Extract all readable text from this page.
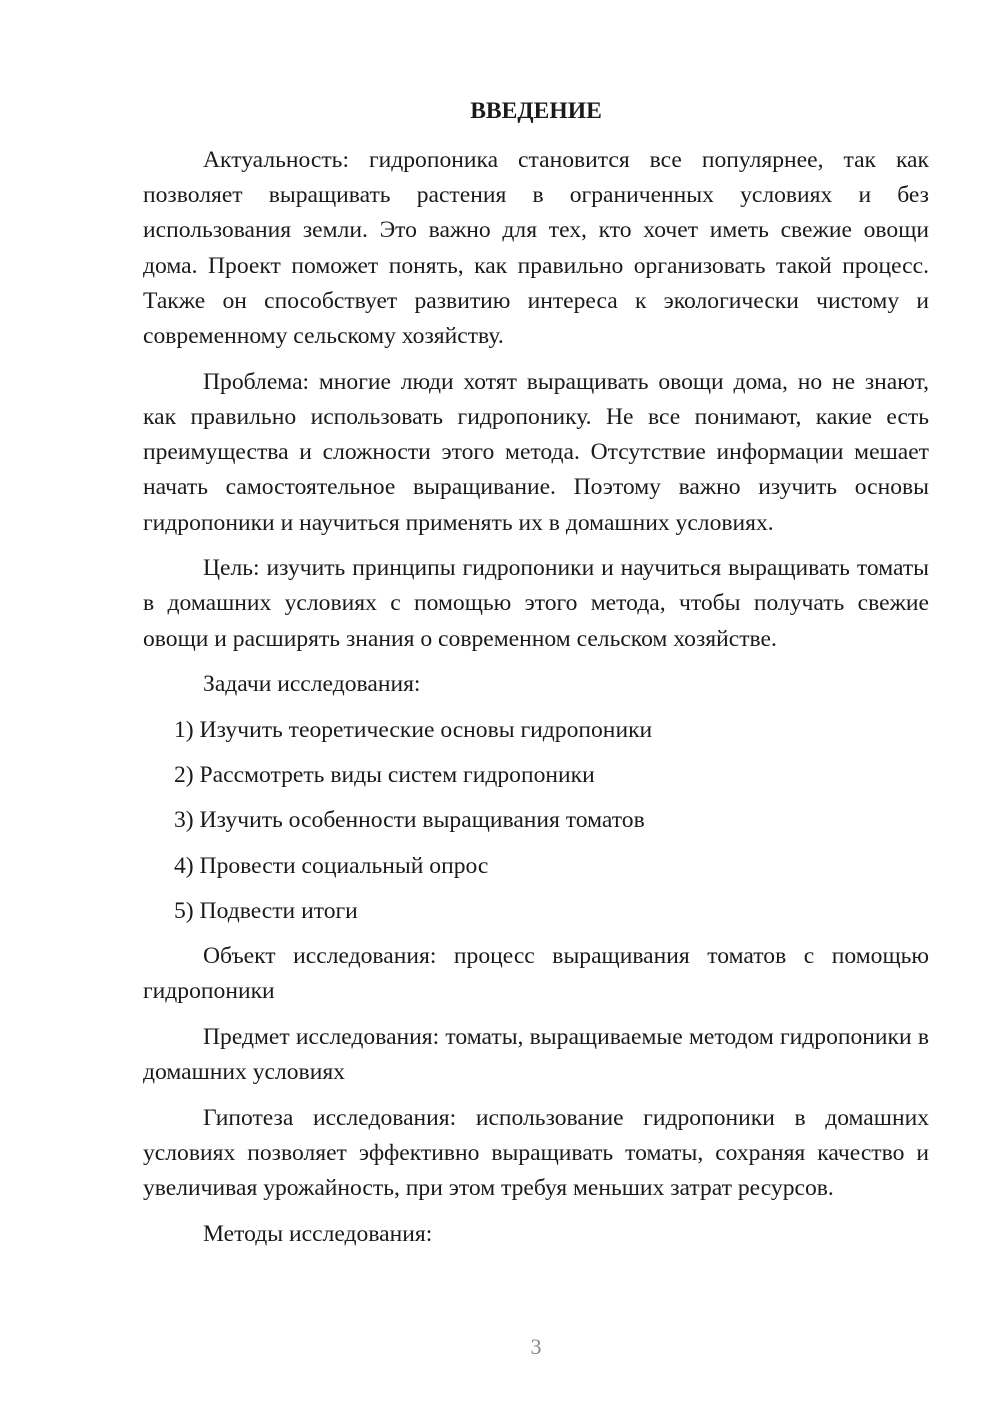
ВВЕДЕНИЕ

Актуальность: гидропоника становится все популярнее, так как позволяет выращивать растения в ограниченных условиях и без использования земли. Это важно для тех, кто хочет иметь свежие овощи дома. Проект поможет понять, как правильно организовать такой процесс. Также он способствует развитию интереса к экологически чистому и современному сельскому хозяйству.

Проблема: многие люди хотят выращивать овощи дома, но не знают, как правильно использовать гидропонику. Не все понимают, какие есть преимущества и сложности этого метода. Отсутствие информации мешает начать самостоятельное выращивание. Поэтому важно изучить основы гидропоники и научиться применять их в домашних условиях.

Цель: изучить принципы гидропоники и научиться выращивать томаты в домашних условиях с помощью этого метода, чтобы получать свежие овощи и расширять знания о современном сельском хозяйстве.

Задачи исследования:

1) Изучить теоретические основы гидропоники

2) Рассмотреть виды систем гидропоники

3) Изучить особенности выращивания томатов

4) Провести социальный опрос

5) Подвести итоги

Объект исследования: процесс выращивания томатов с помощью гидропоники

Предмет исследования: томаты, выращиваемые методом гидропоники в домашних условиях

Гипотеза исследования: использование гидропоники в домашних условиях позволяет эффективно выращивать томаты, сохраняя качество и увеличивая урожайность, при этом требуя меньших затрат ресурсов.

Методы исследования:

3
